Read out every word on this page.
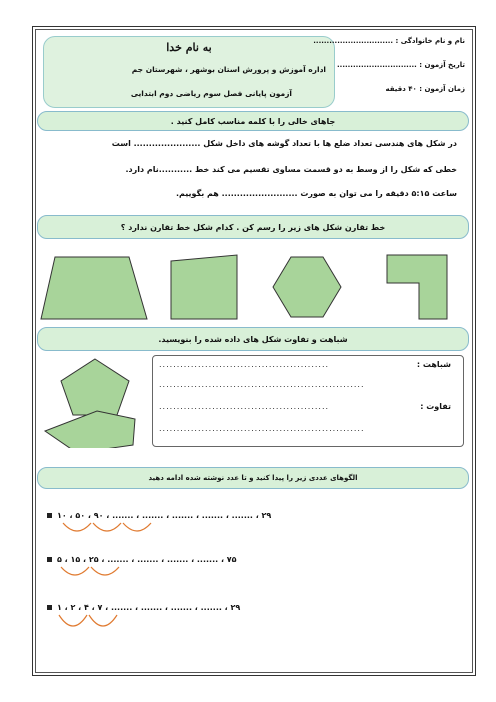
به نام خدا
اداره آموزش و پرورش استان بوشهر ، شهرستان جم
آزمون پایانی فصل سوم ریاضی دوم ابتدایی
نام و نام خانوادگی : ..............................
تاریخ آزمون : ..............................
زمان آزمون : ۴۰ دقیقه
جاهای خالی را با کلمه مناسب کامل کنید .
در شکل های هندسی تعداد ضلع ها با تعداد گوشه های داخل شکل ...................... است
خطی که شکل را از وسط به دو قسمت مساوی تقسیم می کند خط ...........نام دارد.
ساعت ۵:۱۵ دقیقه را می توان به صورت ......................... هم بگوییم.
خط تقارن شکل های زیر را رسم کن . کدام شکل خط تقارن ندارد ؟
شباهت و تفاوت شکل های داده شده را بنویسید.
شباهت :
................................................
..........................................................
تفاوت :
................................................
..........................................................
الگوهای عددی زیر را پیدا کنید و تا عدد نوشته شده ادامه دهید
۱۰ ، ۵۰ ، ۹۰ ، ....... ، ....... ، ....... ، ....... ، ....... ، ۲۹
۵ ، ۱۵ ، ۲۵ ، ....... ، ....... ، ....... ، ....... ، ۷۵
۱ ، ۲ ، ۴ ، ۷ ، ....... ، ....... ، ....... ، ....... ، ۲۹
